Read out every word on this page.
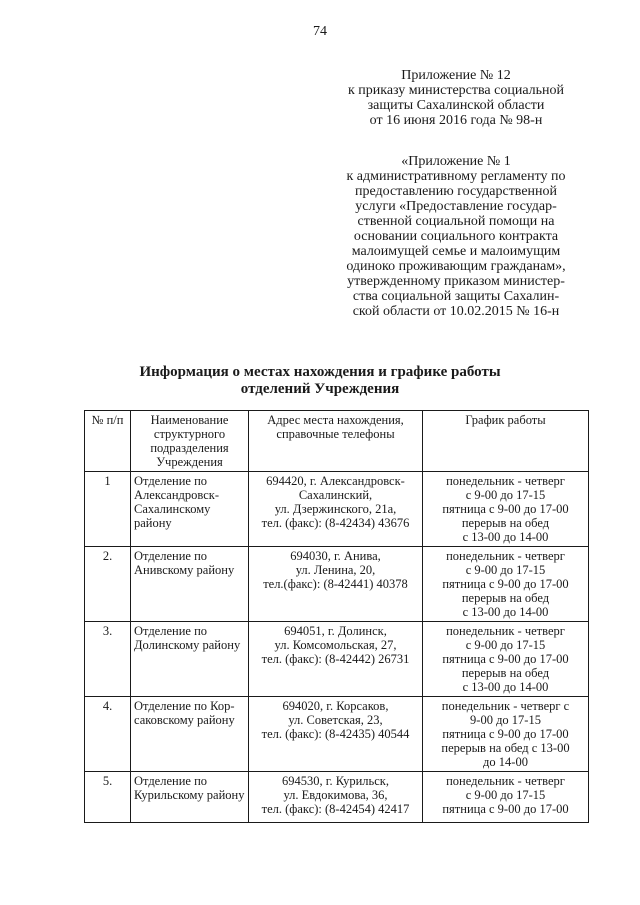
74
Приложение № 12
к приказу министерства социальной
защиты Сахалинской области
от 16 июня 2016 года № 98-н
«Приложение № 1
к административному регламенту по
предоставлению государственной
услуги «Предоставление государ-
ственной социальной помощи на
основании социального контракта
малоимущей семье и малоимущим
одиноко проживающим гражданам»,
утвержденному приказом министер-
ства социальной защиты Сахалин-
ской области от 10.02.2015 № 16-н
Информация о местах нахождения и графике работы
отделений Учреждения
№ п/п	Наименование
структурного
подразделения
Учреждения	Адрес места нахождения,
справочные телефоны	График работы

1	Отделение по
Александровск-
Сахалинскому
району	694420, г. Александровск-
Сахалинский,
ул. Дзержинского, 21а,
тел. (факс): (8-42434) 43676	понедельник - четверг
с 9-00 до 17-15
пятница с 9-00 до 17-00
перерыв на обед
с 13-00 до 14-00

2.	Отделение по
Анивскому району	694030, г. Анива,
ул. Ленина, 20,
тел.(факс): (8-42441) 40378	понедельник - четверг
с 9-00 до 17-15
пятница с 9-00 до 17-00
перерыв на обед
с 13-00 до 14-00

3.	Отделение по
Долинскому району	694051, г. Долинск,
ул. Комсомольская, 27,
тел. (факс): (8-42442) 26731	понедельник - четверг
с 9-00 до 17-15
пятница с 9-00 до 17-00
перерыв на обед
с 13-00 до 14-00

4.	Отделение по Кор-
саковскому району	694020, г. Корсаков,
ул. Советская, 23,
тел. (факс): (8-42435) 40544	понедельник - четверг с
9-00 до 17-15
пятница с 9-00 до 17-00
перерыв на обед с 13-00
до 14-00

5.	Отделение по
Курильскому району	694530, г. Курильск,
ул. Евдокимова, 36,
тел. (факс): (8-42454) 42417	понедельник - четверг
с 9-00 до 17-15
пятница с 9-00 до 17-00
